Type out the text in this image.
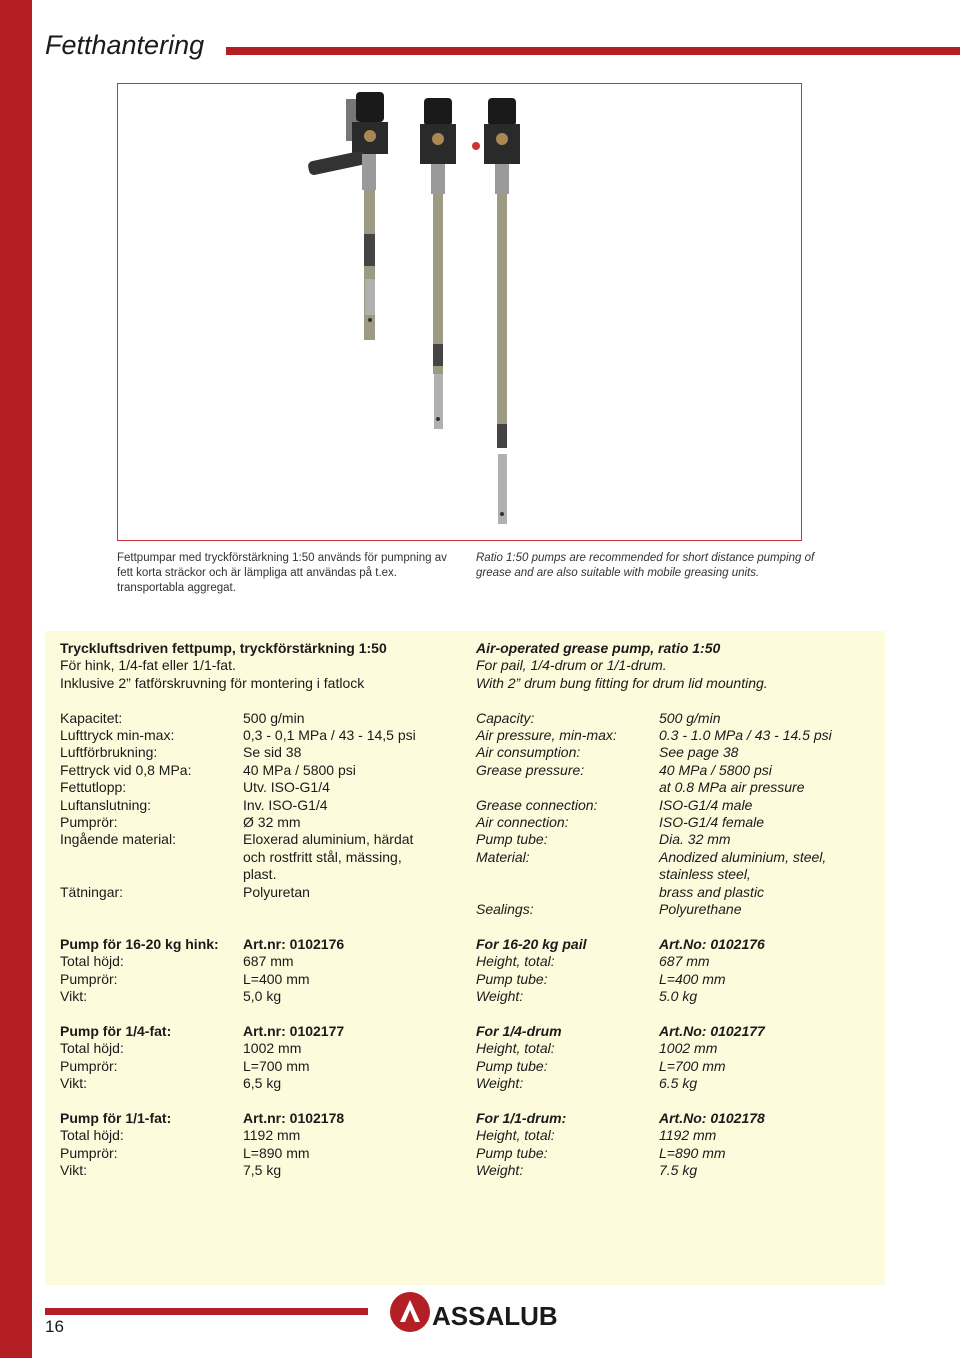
Fetthantering
Fettpumpar med tryckförstärkning 1:50 används för pumpning av fett korta sträckor och är lämpliga att användas på t.ex. transportabla aggregat.
Ratio 1:50 pumps are recommended for short distance pumping of grease and are also suitable with mobile greasing units.
Tryckluftsdriven fettpump, tryckförstärkning 1:50
För hink, 1/4-fat eller 1/1-fat.
Inklusive 2” fatförskruvning för montering i fatlock
Kapacitet:	500 g/min
Lufttryck min-max:	0,3 - 0,1 MPa / 43 - 14,5 psi
Luftförbrukning:	Se sid 38
Fettryck vid 0,8 MPa:	40 MPa / 5800 psi
Fettutlopp:	Utv. ISO-G1/4
Luftanslutning:	Inv. ISO-G1/4
Pumprör:	Ø 32 mm
Ingående material:	Eloxerad aluminium, härdat
och rostfritt stål, mässing,
plast.
Tätningar:	Polyuretan
Pump för 16-20 kg hink:	Art.nr: 0102176
Total höjd:	687 mm
Pumprör:	L=400 mm
Vikt:	5,0 kg
Pump för 1/4-fat:	Art.nr: 0102177
Total höjd:	1002 mm
Pumprör:	L=700 mm
Vikt:	6,5 kg
Pump för 1/1-fat:	Art.nr: 0102178
Total höjd:	1192 mm
Pumprör:	L=890 mm
Vikt:	7,5 kg
Air-operated grease pump, ratio 1:50
For pail, 1/4-drum or 1/1-drum.
With 2” drum bung fitting for drum lid mounting.
Capacity:	500 g/min
Air pressure, min-max:	0.3 - 1.0 MPa / 43 - 14.5 psi
Air consumption:	See page 38
Grease pressure:	40 MPa / 5800 psi
at 0.8 MPa air pressure
Grease connection:	ISO-G1/4 male
Air connection:	ISO-G1/4 female
Pump tube:	Dia. 32 mm
Material:	Anodized aluminium, steel,
stainless steel,
brass and plastic
Sealings:	Polyurethane
For 16-20 kg pail	Art.No: 0102176
Height, total:	687 mm
Pump tube:	L=400 mm
Weight:	5.0 kg
For 1/4-drum	Art.No: 0102177
Height, total:	1002 mm
Pump tube:	L=700 mm
Weight:	6.5 kg
For 1/1-drum:	Art.No: 0102178
Height, total:	1192 mm
Pump tube:	L=890 mm
Weight:	7.5 kg
16	ASSALUB
